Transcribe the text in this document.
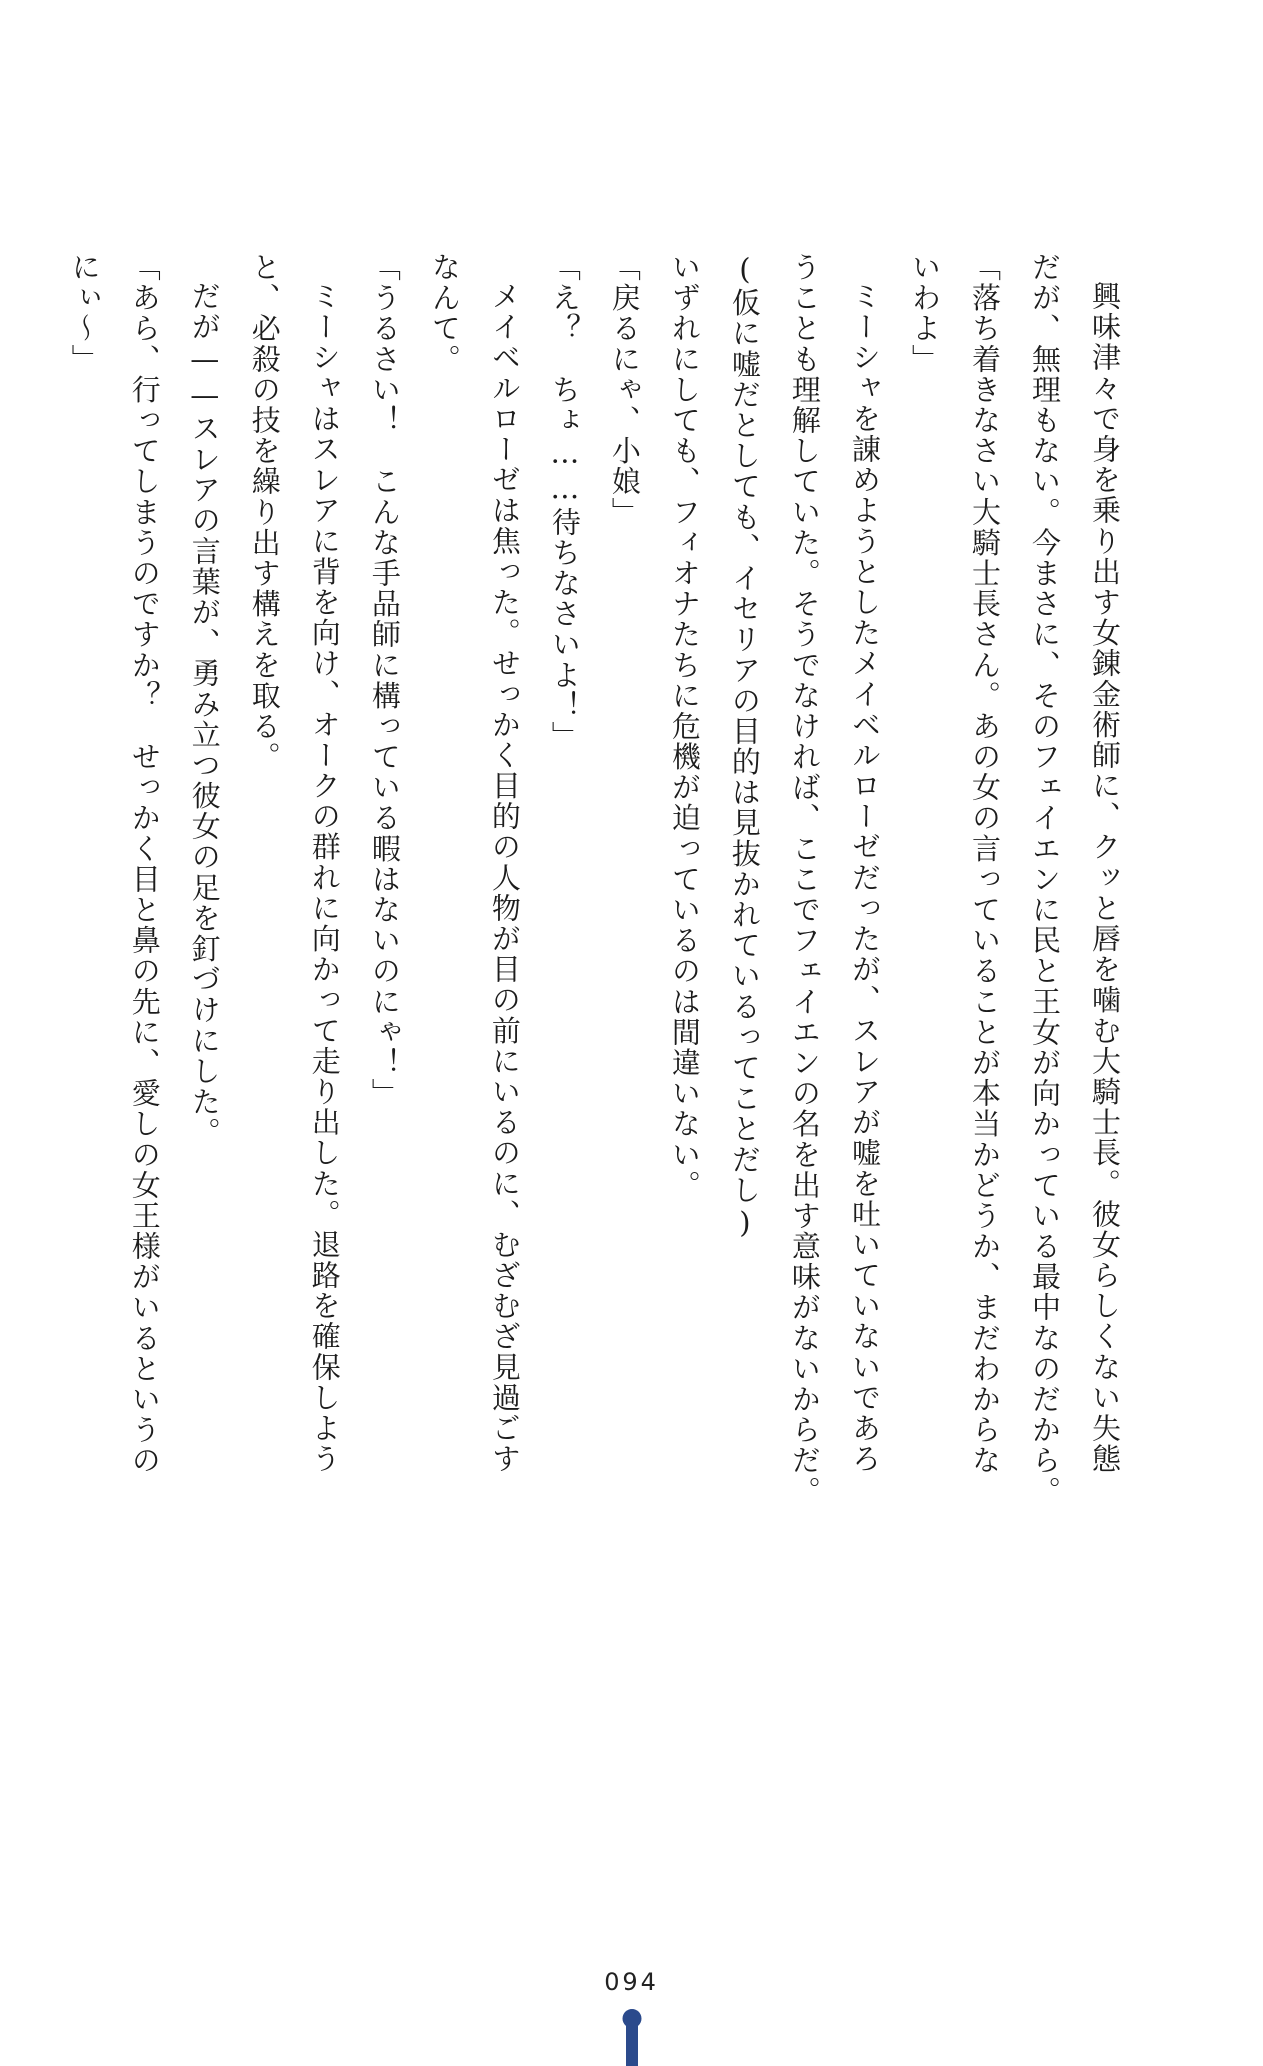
興味津々で身を乗り出す女錬金術師に、クッと唇を噛む大騎士長。彼女らしくない失態

だが、無理もない。今まさに、そのフェイエンに民と王女が向かっている最中なのだから。

「落ち着きなさい大騎士長さん。あの女の言っていることが本当かどうか、まだわからな

いわよ」

ミーシャを諌めようとしたメイベルローゼだったが、スレアが嘘を吐いていないであろ

うことも理解していた。そうでなければ、ここでフェイエンの名を出す意味がないからだ。

(仮に嘘だとしても、イセリアの目的は見抜かれているってことだし)

いずれにしても、フィオナたちに危機が迫っているのは間違いない。

「戻るにゃ、小娘」

「え？　ちょ……待ちなさいよ！」

メイベルローゼは焦った。せっかく目的の人物が目の前にいるのに、むざむざ見過ごす

なんて。

「うるさい！　こんな手品師に構っている暇はないのにゃ！」

ミーシャはスレアに背を向け、オークの群れに向かって走り出した。退路を確保しよう

と、必殺の技を繰り出す構えを取る。

だが——スレアの言葉が、勇み立つ彼女の足を釘づけにした。

「あら、行ってしまうのですか？　せっかく目と鼻の先に、愛しの女王様がいるというの

にぃ～」

094
